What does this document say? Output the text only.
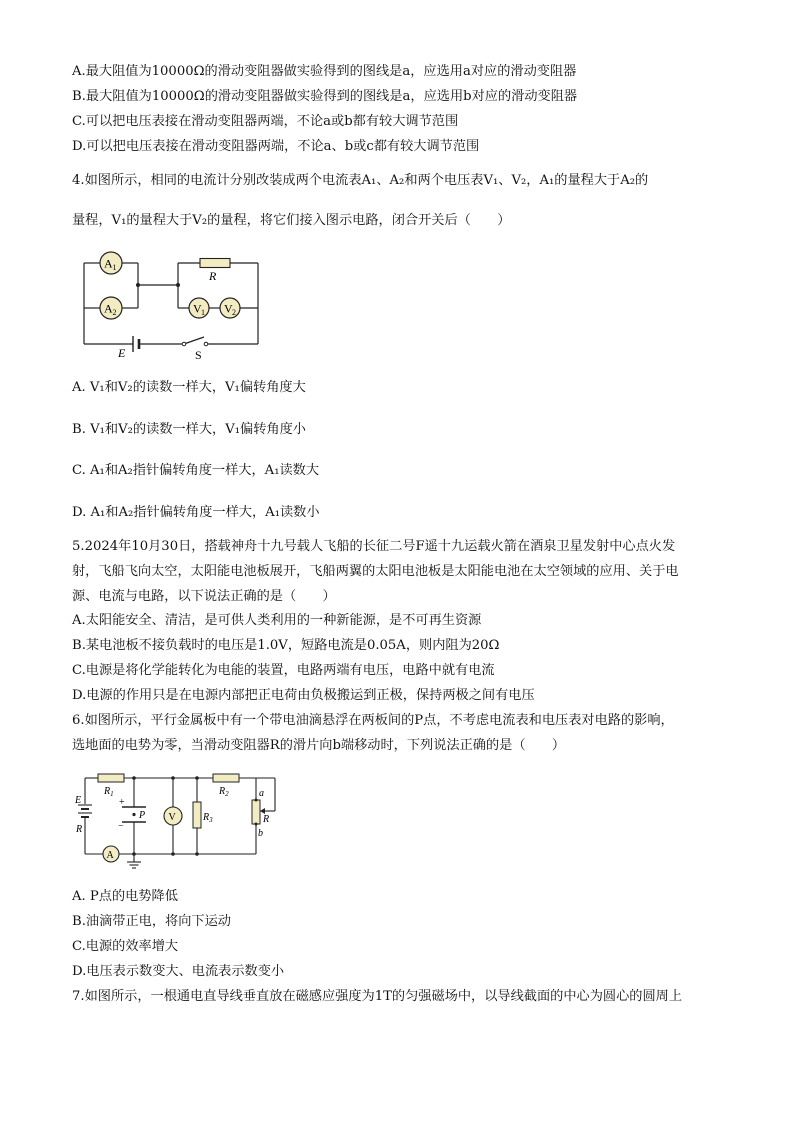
A.最大阻值为10000Ω的滑动变阻器做实验得到的图线是a，应选用a对应的滑动变阻器
B.最大阻值为10000Ω的滑动变阻器做实验得到的图线是a，应选用b对应的滑动变阻器
C.可以把电压表接在滑动变阻器两端，不论a或b都有较大调节范围
D.可以把电压表接在滑动变阻器两端，不论a、b或c都有较大调节范围
4.如图所示，相同的电流计分别改装成两个电流表A₁、A₂和两个电压表V₁、V₂，A₁的量程大于A₂的
量程，V₁的量程大于V₂的量程，将它们接入图示电路，闭合开关后（　　）
A 1
A 2	V 1 V 2
R
E	S
A. V₁和V₂的读数一样大，V₁偏转角度大
B. V₁和V₂的读数一样大，V₁偏转角度小
C. A₁和A₂指针偏转角度一样大，A₁读数大
D. A₁和A₂指针偏转角度一样大，A₁读数小
5.2024年10月30日，搭载神舟十九号载人飞船的长征二号F遥十九运载火箭在酒泉卫星发射中心点火发
射，飞船飞向太空，太阳能电池板展开，飞船两翼的太阳电池板是太阳能电池在太空领域的应用、关于电
源、电流与电路，以下说法正确的是（　　）
A.太阳能安全、清洁，是可供人类利用的一种新能源，是不可再生资源
B.某电池板不接负载时的电压是1.0V，短路电流是0.05A，则内阻为20Ω
C.电源是将化学能转化为电能的装置，电路两端有电压，电路中就有电流
D.电源的作用只是在电源内部把正电荷由负极搬运到正极，保持两极之间有电压
6.如图所示，平行金属板中有一个带电油滴悬浮在两板间的P点，不考虑电流表和电压表对电路的影响，
选地面的电势为零，当滑动变阻器R的滑片向b端移动时，下列说法正确的是（　　）
E
R
$R_1$	$R_2$
P
+
−
V	$R_3$
a
R
b
A
A. P点的电势降低
B.油滴带正电，将向下运动
C.电源的效率增大
D.电压表示数变大、电流表示数变小
7.如图所示，一根通电直导线垂直放在磁感应强度为1T的匀强磁场中，以导线截面的中心为圆心的圆周上
